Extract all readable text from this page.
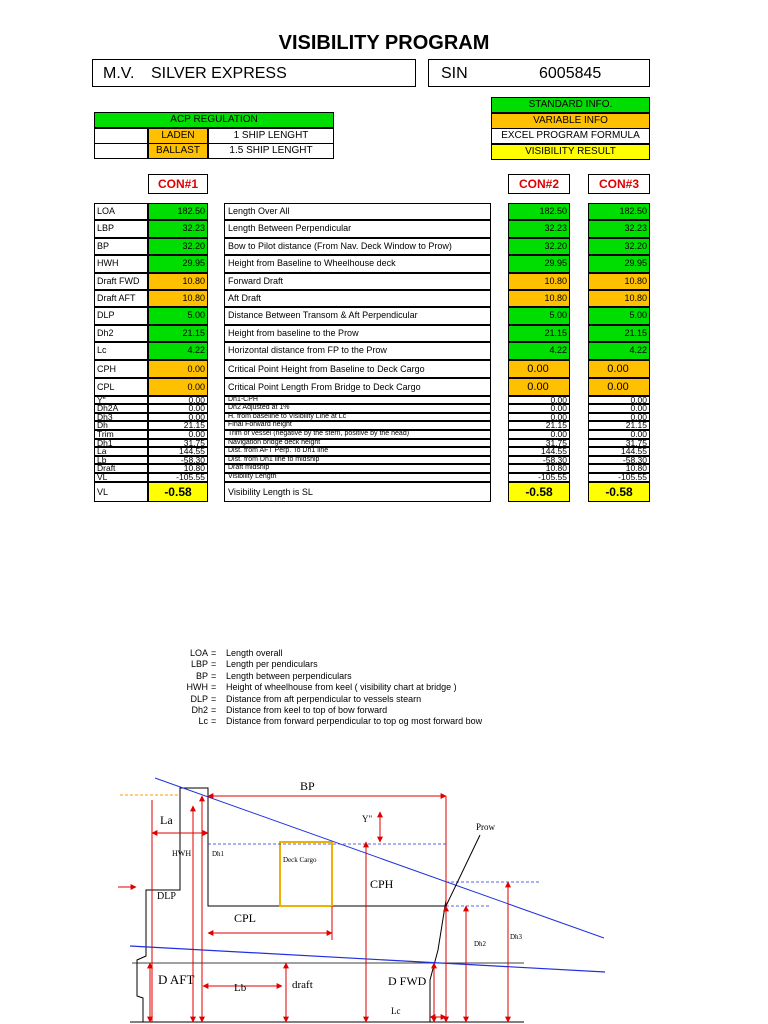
VISIBILITY PROGRAM
M.V. SILVER EXPRESS	SIN	6005845
STANDARD INFO.
VARIABLE INFO
EXCEL PROGRAM FORMULA
VISIBILITY RESULT
ACP REGULATION
LADEN	1 SHIP LENGHT
BALLAST	1.5 SHIP LENGHT
CON#1	CON#2	CON#3
LOA	182.50	Length Over All	182.50	182.50
LBP	32.23	Length Between Perpendicular	32.23	32.23
BP	32.20	Bow to Pilot distance (From Nav. Deck Window to Prow)	32.20	32.20
HWH	29.95	Height from Baseline to Wheelhouse deck	29.95	29.95
Draft FWD	10.80	Forward Draft	10.80	10.80
Draft AFT	10.80	Aft Draft	10.80	10.80
DLP	5.00	Distance Between Transom & Aft Perpendicular	5.00	5.00
Dh2	21.15	Height from baseline to the Prow	21.15	21.15
Lc	4.22	Horizontal distance from FP to the Prow	4.22	4.22
CPH	0.00	Critical Point Height from Baseline to Deck Cargo	0.00	0.00
CPL	0.00	Critical Point Length From Bridge to Deck Cargo	0.00	0.00
Y"	0.00	Dh1-CPH	0.00	0.00
Dh2A	0.00	Dh2 Adjusted at 1%	0.00	0.00
Dh3	0.00	H. from baseline to Visibility Line at Lc	0.00	0.00
Dh	21.15	Final Forward height	21.15	21.15
Trim	0.00	Trim of vessel (negative by the stern, positive by the head)	0.00	0.00
Dh1	31.75	Navigation bridge deck height	31.75	31.75
La	144.55	Dist. from AFT Perp. To Dh1 line	144.55	144.55
Lb	-58.30	Dist. from Dh1 line to midship	-58.30	-58.30
Draft	10.80	Draft midship	10.80	10.80
VL	-105.55	Visibility Length	-105.55	-105.55
VL	-0.58	Visibility Length is SL	-0.58	-0.58
LOA =	Length overall
LBP =	Length per pendiculars
BP =	Length between perpendiculars
HWH =	Height of wheelhouse from keel ( visibility chart at bridge )
DLP =	Distance from aft perpendicular to vessels stearn
Dh2 =	Distance from keel to top of bow forward
Lc =	Distance from forward perpendicular to top og most forward bow
BP
La	Y"
Prow
HWH	Dh1
Deck Cargo
CPH
DLP
CPL
Dh2
Dh3
D AFT
Lb	draft	D FWD
Lc
